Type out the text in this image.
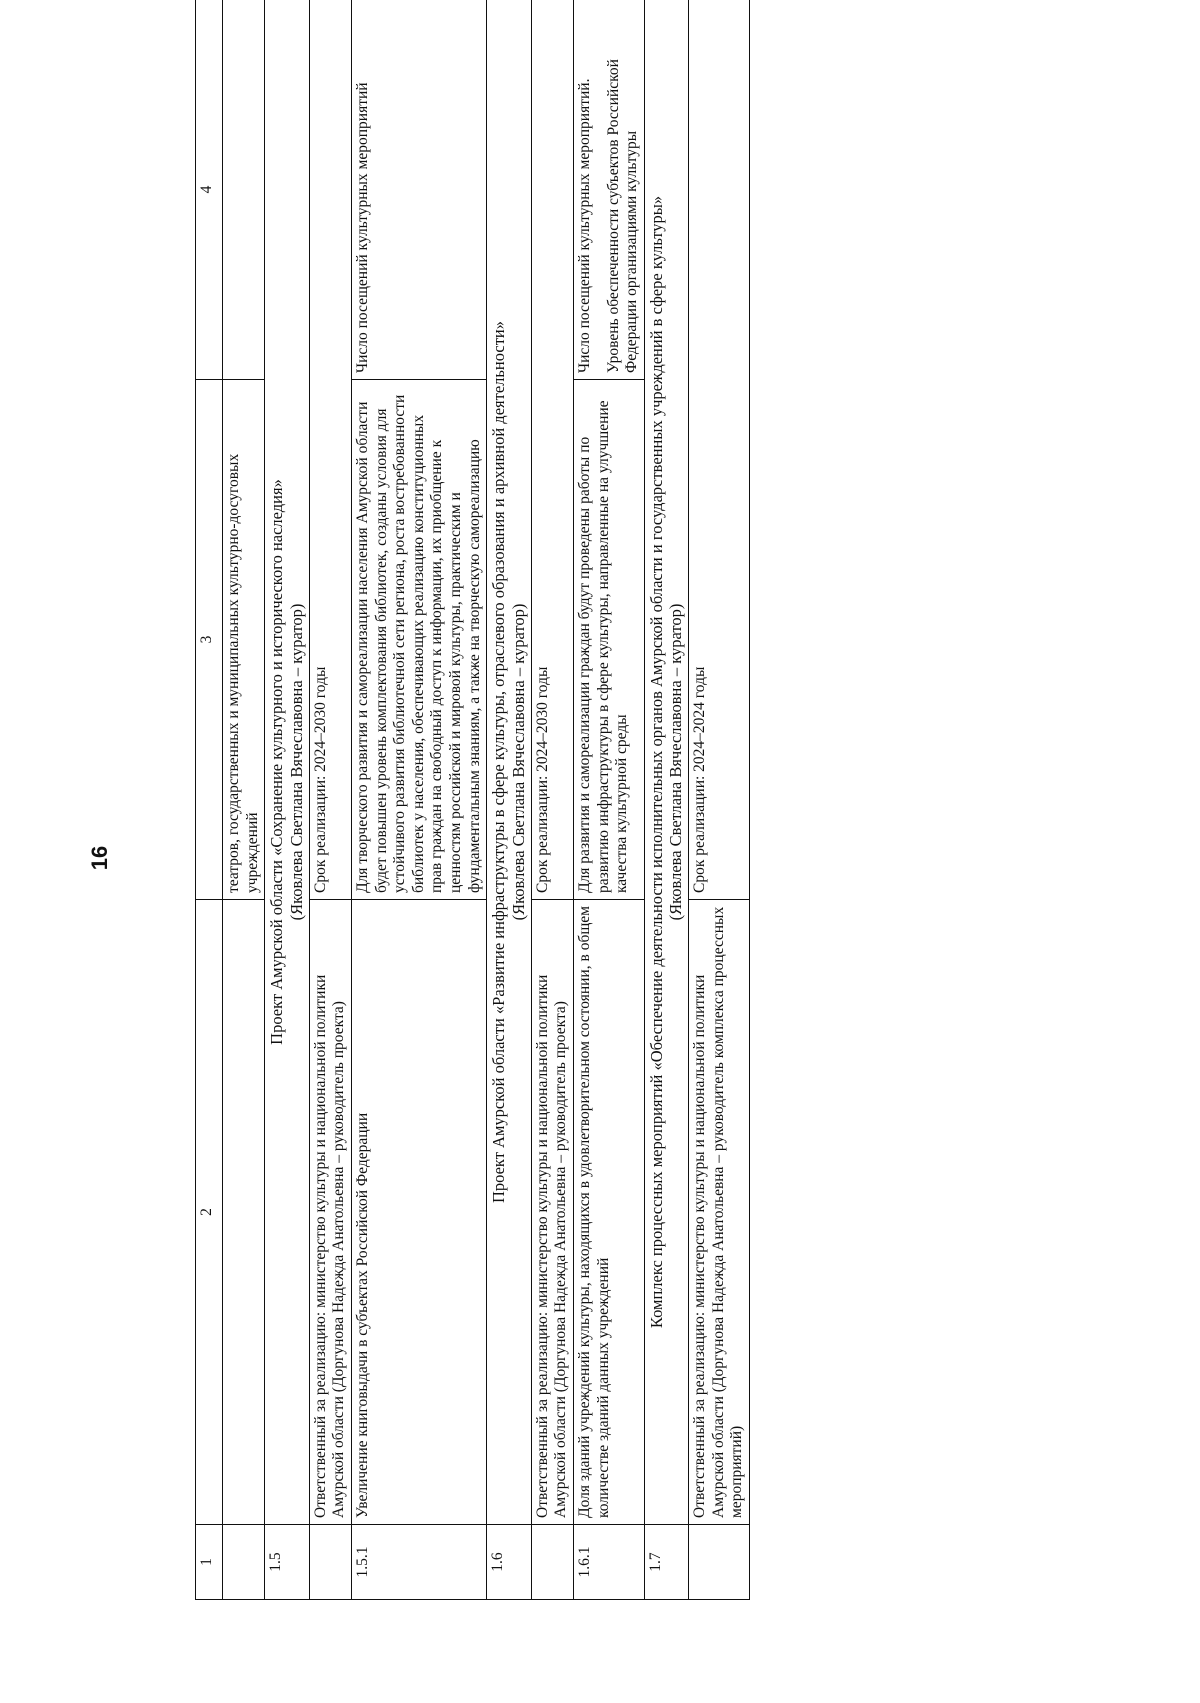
16
1	2	3	4
		театров, государственных и муниципальных культурно-досуговых учреждений	
1.5	Проект Амурской области «Сохранение культурного и исторического наследия» (Яковлева Светлана Вячеславовна – куратор)		

	Ответственный за реализацию: министерство культуры и национальной политики Амурской области (Доргунова Надежда Анатольевна – руководитель проекта)	Срок реализации: 2024–2030 годы	
1.5.1	Увеличение книговыдачи в субъектах Российской Федерации	Для творческого развития и самореализации населения Амурской области будет повышен уровень комплектования библиотек, созданы условия для устойчивого развития библиотечной сети региона, роста востребованности библиотек у населения, обеспечивающих реализацию конституционных прав граждан на свободный доступ к информации, их приобщение к ценностям российской и мировой культуры, практическим и фундаментальным знаниям, а также на творческую самореализацию	Число посещений культурных мероприятий
1.6	Проект Амурской области «Развитие инфраструктуры в сфере культуры, отраслевого образования и архивной деятельности» (Яковлева Светлана Вячеславовна – куратор)		

	Ответственный за реализацию: министерство культуры и национальной политики Амурской области (Доргунова Надежда Анатольевна – руководитель проекта)	Срок реализации: 2024–2030 годы	
1.6.1	Доля зданий учреждений культуры, находящихся в удовлетворительном состоянии, в общем количестве зданий данных учреждений	Для развития и самореализации граждан будут проведены работы по развитию инфраструктуры в сфере культуры, направленные на улучшение качества культурной среды	Число посещений культурных мероприятий. Уровень обеспеченности субъектов Российской Федерации организациями культуры

1.7	Комплекс процессных мероприятий «Обеспечение деятельности исполнительных органов Амурской области и государственных учреждений в сфере культуры» (Яковлева Светлана Вячеславовна – куратор)		

	Ответственный за реализацию: министерство культуры и национальной политики Амурской области (Доргунова Надежда Анатольевна – руководитель комплекса процессных мероприятий)	Срок реализации: 2024–2024 годы	
